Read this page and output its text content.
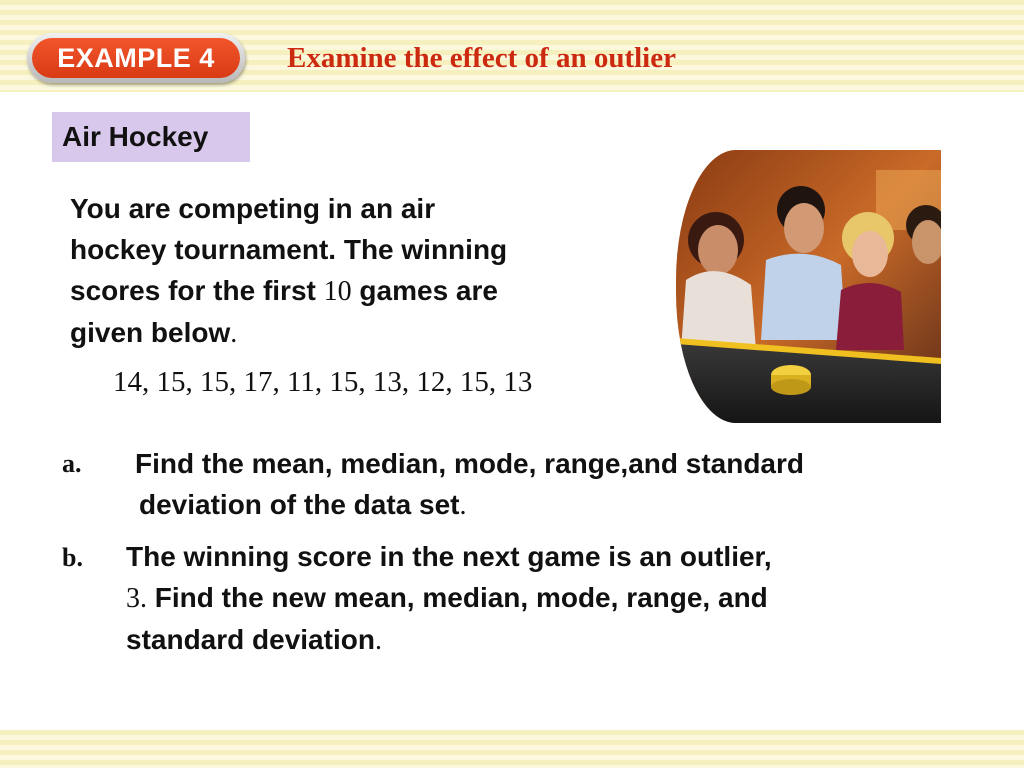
EXAMPLE 4	Examine the effect of an outlier
Air Hockey
You are competing in an air
hockey tournament. The winning
scores for the first 10 games are
given below.
14, 15, 15, 17, 11, 15, 13, 12, 15, 13
a. Find the mean, median, mode, range,and standard
deviation of the data set.
b. The winning score in the next game is an outlier,
3. Find the new mean, median, mode, range, and
standard deviation.
